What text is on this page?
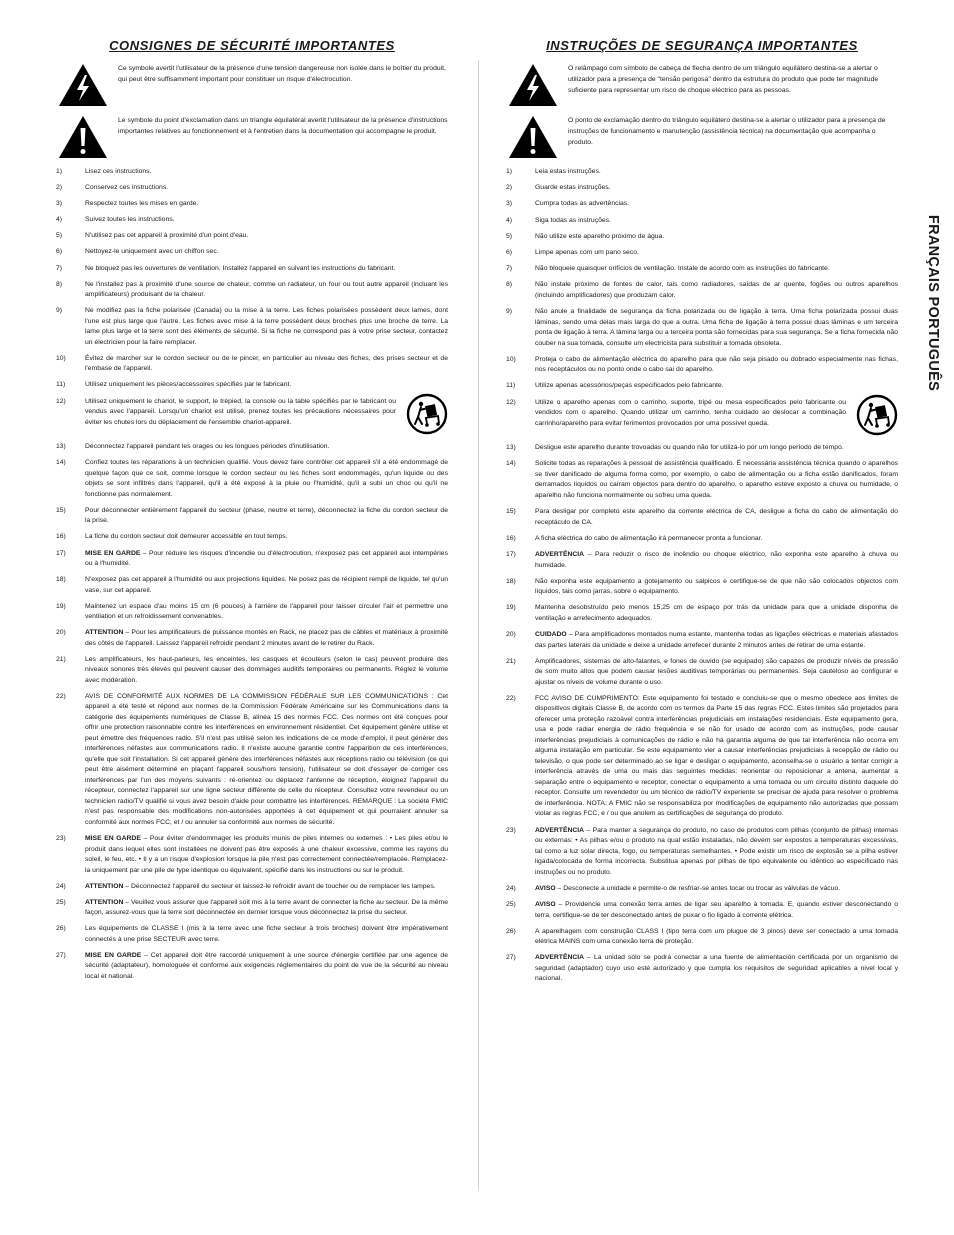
FRANÇAIS PORTUGUÊS
CONSIGNES DE SÉCURITÉ IMPORTANTES
Ce symbole avertit l'utilisateur de la présence d'une tension dangereuse non isolée dans le boîtier du produit, qui peut être suffisamment important pour constituer un risque d'électrocution.
Le symbole du point d'exclamation dans un triangle équilatéral avertit l'utilisateur de la présence d'instructions importantes relatives au fonctionnement et à l'entretien dans la documentation qui accompagne le produit.
1)	Lisez ces instructions.
2)	Conservez ces instructions.
3)	Respectez toutes les mises en garde.
4)	Suivez toutes les instructions.
5)	N'utilisez pas cet appareil à proximité d'un point d'eau.
6)	Nettoyez-le uniquement avec un chiffon sec.
7)	Ne bloquez pas les ouvertures de ventilation. Installez l'appareil en suivant les instructions du fabricant.
8)	Ne l'installez pas à proximité d'une source de chaleur, comme un radiateur, un four ou tout autre appareil (incluant les amplificateurs) produisant de la chaleur.
9)	Ne modifiez pas la fiche polarisée (Canada) ou la mise à la terre. Les fiches polarisées possèdent deux lames, dont l'une est plus large que l'autre. Les fiches avec mise à la terre possèdent deux broches plus une broche de terre. La lame plus large et la terre sont des éléments de sécurité. Si la fiche ne correspond pas à votre prise secteur, contactez un électricien pour la faire remplacer.
10)	Évitez de marcher sur le cordon secteur ou de le pincer, en particulier au niveau des fiches, des prises secteur et de l'embase de l'appareil.
11)	Utilisez uniquement les pièces/accessoires spécifiés par le fabricant.
12)	Utilisez uniquement le chariot, le support, le trépied, la console ou la table spécifiés par le fabricant ou vendus avec l'appareil. Lorsqu'un chariot est utilisé, prenez toutes les précautions nécessaires pour éviter les chutes lors du déplacement de l'ensemble chariot-appareil.
13)	Déconnectez l'appareil pendant les orages ou les longues périodes d'inutilisation.
14)	Confiez toutes les réparations à un technicien qualifié. Vous devez faire contrôler cet appareil s'il a été endommagé de quelque façon que ce soit, comme lorsque le cordon secteur ou les fiches sont endommagés, qu'un liquide ou des objets se sont infiltrés dans l'appareil, qu'il a été exposé à la pluie ou l'humidité, qu'il a subi un choc ou qu'il ne fonctionne pas normalement.
15)	Pour déconnecter entièrement l'appareil du secteur (phase, neutre et terre), déconnectez la fiche du cordon secteur de la prise.
16)	La fiche du cordon secteur doit demeurer accessible en tout temps.
17)	MISE EN GARDE – Pour réduire les risques d'incendie ou d'électrocution, n'exposez pas cet appareil aux intempéries ou à l'humidité.
18)	N'exposez pas cet appareil à l'humidité ou aux projections liquides. Ne posez pas de récipient rempli de liquide, tel qu'un vase, sur cet appareil.
19)	Maintenez un espace d'au moins 15 cm (6 pouces) à l'arrière de l'appareil pour laisser circuler l'air et permettre une ventilation et un refroidissement convenables.
20)	ATTENTION – Pour les amplificateurs de puissance montés en Rack, ne placez pas de câbles et matériaux à proximité des côtés de l'appareil. Laissez l'appareil refroidir pendant 2 minutes avant de le retirer du Rack.
21)	Les amplificateurs, les haut-parleurs, les enceintes, les casques et écouteurs (selon le cas) peuvent produire des niveaux sonores très élevés qui peuvent causer des dommages auditifs temporaires ou permanents. Réglez le volume avec modération.
22)	AVIS DE CONFORMITÉ AUX NORMES DE LA COMMISSION FÉDÉRALE SUR LES COMMUNICATIONS : Cet appareil a été testé et répond aux normes de la Commission Fédérale Américaine sur les Communications dans la catégorie des équipements numériques de Classe B, alinéa 15 des normes FCC. Ces normes ont été conçues pour offrir une protection raisonnable contre les interférences en environnement résidentiel. Cet équipement génère utilise et peut émettre des fréquences radio. S'il n'est pas utilisé selon les indications de ce mode d'emploi, il peut générer des interférences néfastes aux communications radio. Il n'existe aucune garantie contre l'apparition de ces interférences, qu'elle que soit l'installation. Si cet appareil génère des interférences néfastes aux réceptions radio ou télévision (ce qui peut être aisément déterminé en plaçant l'appareil sous/hors tension), l'utilisateur se doit d'essayer de corriger ces interférences par l'un des moyens suivants : ré-orientez ou déplacez l'antenne de réception, éloignez l'appareil du récepteur, connectez l'appareil sur une ligne secteur différente de celle du récepteur. Consultez votre revendeur ou un technicien radio/TV qualifié si vous avez besoin d'aide pour combattre les interférences. REMARQUE : La société FMIC n'est pas responsable des modifications non-autorisées apportées à cet équipement et qui pourraient annuler sa conformité aux normes FCC, et / ou annuler sa conformité aux normes de sécurité.
23)	MISE EN GARDE – Pour éviter d'endommager les produits munis de piles internes ou externes : • Les piles et/ou le produit dans lequel elles sont installées ne doivent pas être exposés à une chaleur excessive, comme les rayons du soleil, le feu, etc. • Il y a un risque d'explosion lorsque la pile n'est pas correctement connectée/remplacée. Remplacez-la uniquement par une pile de type identique ou équivalent, spécifié dans les instructions ou sur le produit.
24)	ATTENTION – Déconnectez l'appareil du secteur et laissez-le refroidir avant de toucher ou de remplacer les lampes.
25)	ATTENTION – Veuillez vous assurer que l'appareil soit mis à la terre avant de connecter la fiche au secteur. De la même façon, assurez-vous que la terre soit déconnectée en dernier lorsque vous déconnectez la prise du secteur.
26)	Les équipements de CLASSE I (mis à la terre avec une fiche secteur à trois broches) doivent être impérativement connectés à une prise SECTEUR avec terre.
27)	MISE EN GARDE – Cet appareil doit être raccordé uniquement à une source d'énergie certifiée par une agence de sécurité (adaptateur), homologuée et conforme aux exigences réglementaires du point de vue de la sécurité au niveau local et national.
INSTRUÇÕES DE SEGURANÇA IMPORTANTES
O relâmpago com símbolo de cabeça de flecha dentro de um triângulo equilátero destina-se a alertar o utilizador para a presença de "tensão perigosa" dentro da estrutura do produto que pode ter magnitude suficiente para representar um risco de choque eléctrico para as pessoas.
O ponto de exclamação dentro do triângulo equilátero destina-se a alertar o utilizador para a presença de instruções de funcionamento e manutenção (assistência técnica) na documentação que acompanha o produto.
1)	Leia estas instruções.
2)	Guarde estas instruções.
3)	Cumpra todas as advertências.
4)	Siga todas as instruções.
5)	Não utilize este aparelho próximo de água.
6)	Limpe apenas com um pano seco.
7)	Não bloqueie quaisquer orifícios de ventilação. Instale de acordo com as instruções do fabricante.
8)	Não instale próximo de fontes de calor, tais como radiadores, saídas de ar quente, fogões ou outros aparelhos (incluindo amplificadores) que produzam calor.
9)	Não anule a finalidade de segurança da ficha polarizada ou de ligação à terra. Uma ficha polarizada possui duas lâminas, sendo uma delas mais larga do que a outra. Uma ficha de ligação à terra possui duas lâminas e um terceira ponta de ligação à terra. A lâmina larga ou a terceira ponta são fornecidas para sua segurança. Se a ficha fornecida não couber na sua tomada, consulte um electricista para substituir a tomada obsoleta.
10)	Proteja o cabo de alimentação eléctrica do aparelho para que não seja pisado ou dobrado especialmente nas fichas, nos receptáculos ou no ponto onde o cabo sai do aparelho.
11)	Utilize apenas acessórios/peças especificados pelo fabricante.
12)	Utilize o aparelho apenas com o carrinho, suporte, tripé ou mesa especificados pelo fabricante ou vendidos com o aparelho. Quando utilizar um carrinho, tenha cuidado ao deslocar a combinação carrinho/aparelho para evitar ferimentos provocados por uma possível queda.
13)	Desligue este aparelho durante trovoadas ou quando não for utilizá-lo por um longo período de tempo.
14)	Solicite todas as reparações à pessoal de assistência qualificado. É necessária assistência técnica quando o aparelhos se tiver danificado de alguma forma como, por exemplo, o cabo de alimentação ou a ficha estão danificados, foram derramados líquidos ou caíram objectos para dentro do aparelho, o aparelho esteve exposto a chuva ou humidade, o aparelho não funciona normalmente ou sofreu uma queda.
15)	Para desligar por completo este aparelho da corrente eléctrica de CA, desligue a ficha do cabo de alimentação do receptáculo de CA.
16)	A ficha eléctrica do cabo de alimentação irá permanecer pronta a funcionar.
17)	ADVERTÊNCIA – Para reduzir o risco de incêndio ou choque eléctrico, não exponha este aparelho à chuva ou humidade.
18)	Não exponha este equipamento a gotejamento ou salpicos e certifique-se de que não são colocados objectos com líquidos, tais como jarras, sobre o equipamento.
19)	Mantenha desobstruído pelo menos 15,25 cm de espaço por trás da unidade para que a unidade disponha de ventilação e arrefecimento adequados.
20)	CUIDADO – Para amplificadores montados numa estante, mantenha todas as ligações eléctricas e materiais afastados das partes laterais da unidade e deixe a unidade arrefecer durante 2 minutos antes de retirar de uma estante.
21)	Amplificadores, sistemas de alto-falantes, e fones de ouvido (se equipado) são capazes de produzir níveis de pressão de som muito altos que podem causar lesões auditivas temporárias ou permanentes. Seja cauteloso ao configurar e ajustar os níveis de volume durante o uso.
22)	FCC AVISO DE CUMPRIMENTO: Este equipamento foi testado e concluiu-se que o mesmo obedece aos limites de dispositivos digitais Classe B, de acordo com os termos da Parte 15 das regras FCC. Estes limites são projetados para oferecer uma proteção razoável contra interferências prejudiciais em instalações residenciais. Este equipamento gera, usa e pode radiar energia de rádio frequência e se não for usado de acordo com as instruções, pode causar interferências prejudiciais à comunicações de rádio e não há garantia alguma de que tal interferência não ocorra em alguma instalação em particular. Se este equipamento vier a causar interferências prejudiciais à recepção de rádio ou televisão, o que pode ser determinado ao se ligar e desligar o equipamento, aconselha-se o usuário a tentar corrigir a interferência através de uma ou mais das seguintes medidas: reorientar ou reposicionar a antena, aumentar a separação entre o equipamento e receptor, conectar o equipamento a uma tomada ou um circuito distinto daquele do receptor. Consulte um revendedor ou um técnico de rádio/TV experiente se precisar de ajuda para resolver o problema de interferência. NOTA: A FMIC não se responsabiliza por modificações de equipamento não autorizadas que possam violar as regras FCC, e / ou que anulem as certificações de segurança do produto.
23)	ADVERTÊNCIA – Para manter a segurança do produto, no caso de produtos com pilhas (conjunto de pilhas) internas ou externas: • As pilhas e/ou o produto na qual estão instaladas, não devem ser expostos a temperaturas excessivas, tal como a luz solar directa, fogo, ou temperaturas semelhantes. • Pode existir um risco de explosão se a pilha estiver ligada/colocada de forma incorrecta. Substitua apenas por pilhas de tipo equivalente ou idêntico ao especificado nas instruções ou no produto.
24)	AVISO – Desconecte a unidade e permite-o de resfriar-se antes tocar ou trocar as válvulas de vácuo.
25)	AVISO – Providencie uma conexão terra antes de ligar seu aparelho à tomada. E, quando estiver desconectando o terra, certifique-se de ter desconectado antes de puxar o fio ligado à corrente elétrica.
26)	A aparelhagem com construção CLASS I (tipo terra com um plugue de 3 pinos) deve ser conectado a uma tomada elétrica MAINS com uma conexão terra de proteção.
27)	ADVERTÊNCIA – La unidad sólo se podrá conectar a una fuente de alimentación certificada por un organismo de seguridad (adaptador) cuyo uso esté autorizado y que cumpla los requisitos de seguridad aplicables a nivel local y nacional.
